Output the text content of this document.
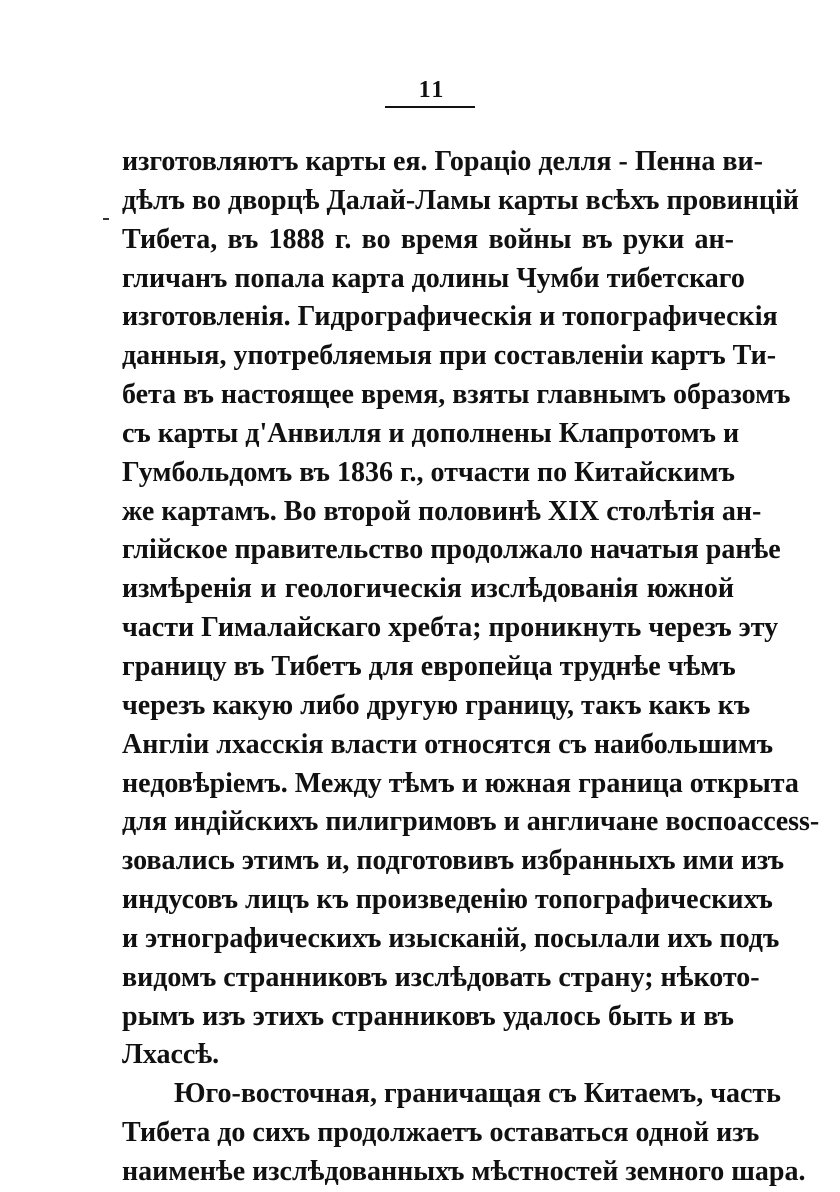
11
изготовляютъ карты ея. Гораціо делля - Пенна ви-
дѣлъ во дворцѣ Далай-Ламы карты всѣхъ провинцій
Тибета, въ 1888 г. во время войны въ руки ан-
гличанъ попала карта долины Чумби тибетскаго
изготовленія. Гидрографическія и топографическія
данныя, употребляемыя при составленіи картъ Ти-
бета въ настоящее время, взяты главнымъ образомъ
съ карты д'Анвилля и дополнены Клапротомъ и
Гумбольдомъ въ 1836 г., отчасти по Китайскимъ
же картамъ. Во второй половинѣ XIX столѣтія ан-
глійское правительство продолжало начатыя ранѣе
измѣренія и геологическія изслѣдованія южной
части Гималайскаго хребта; проникнуть черезъ эту
границу въ Тибетъ для европейца труднѣе чѣмъ
черезъ какую либо другую границу, такъ какъ къ
Англіи лхасскія власти относятся съ наибольшимъ
недовѣріемъ. Между тѣмъ и южная граница открыта
для индійскихъ пилигримовъ и англичане воспоaccess-
зовались этимъ и, подготовивъ избранныхъ ими изъ
индусовъ лицъ къ произведенію топографическихъ
и этнографическихъ изысканій, посылали ихъ подъ
видомъ странниковъ изслѣдовать страну; нѣкото-
рымъ изъ этихъ странниковъ удалось быть и въ
Лхассѣ.
Юго-восточная, граничащая съ Китаемъ, часть
Тибета до сихъ продолжаетъ оставаться одной изъ
наименѣе изслѣдованныхъ мѣстностей земного шара.
